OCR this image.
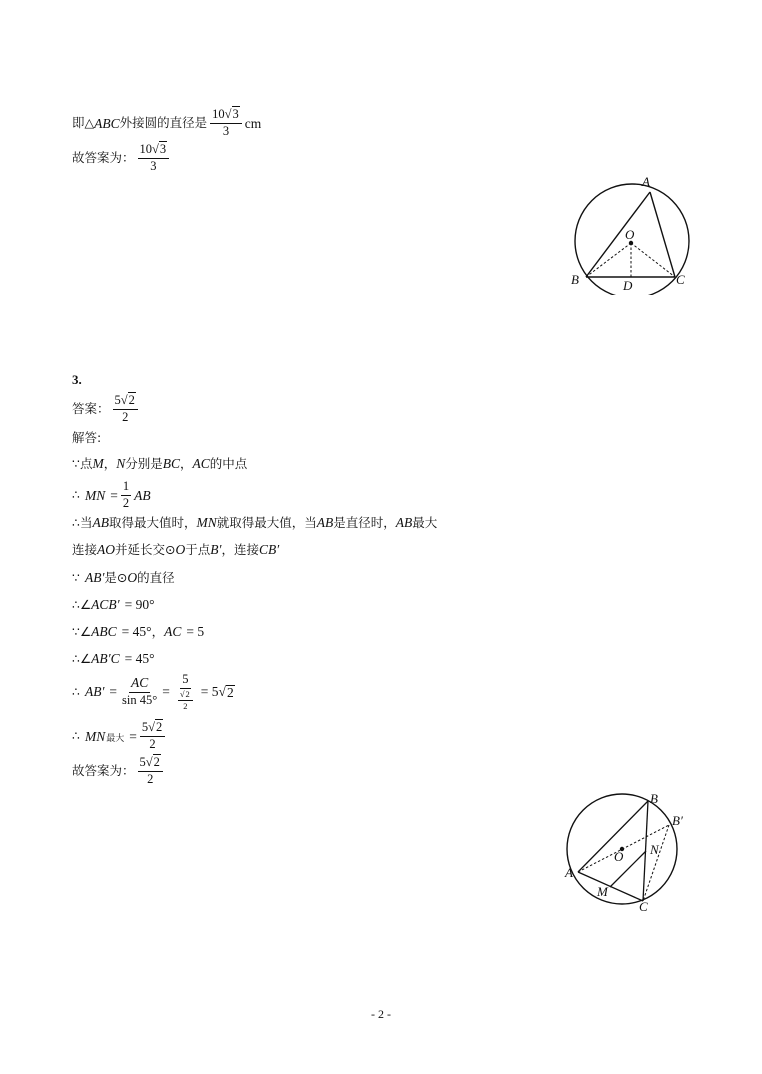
即△ ABC 外接圆的直径是 $\frac{10√3}{3}$ cm
故答案为： $\frac{10√3}{3}$
A
O
B	D	C
3.
答案： $\frac{5√2}{2}$
解答:
∵点 M ， N 分别是 BC ， AC 的中点
∴ MN = $\frac{1}{2}$ AB
∴当 AB 取得最大值时， MN 就取得最大值，当 AB 是直径时， AB 最大
连接 AO 并延长交⊙ O 于点 B′ ，连接 CB′
∵ AB′ 是⊙ O 的直径
∴∠ ACB′ = 90°
∵∠ ABC = 45° ， AC = 5
∴∠ AB′C = 45°
∴ $AB' = \frac{AC}{\sin 45^\circ} = \frac{5}{\frac{√2}{2}} = 5$ √ 2
∴ MN 最大 = $\frac{5√2}{2}$
故答案为： $\frac{5√2}{2}$
B
B′
O N
A
M
C
- 2 -
